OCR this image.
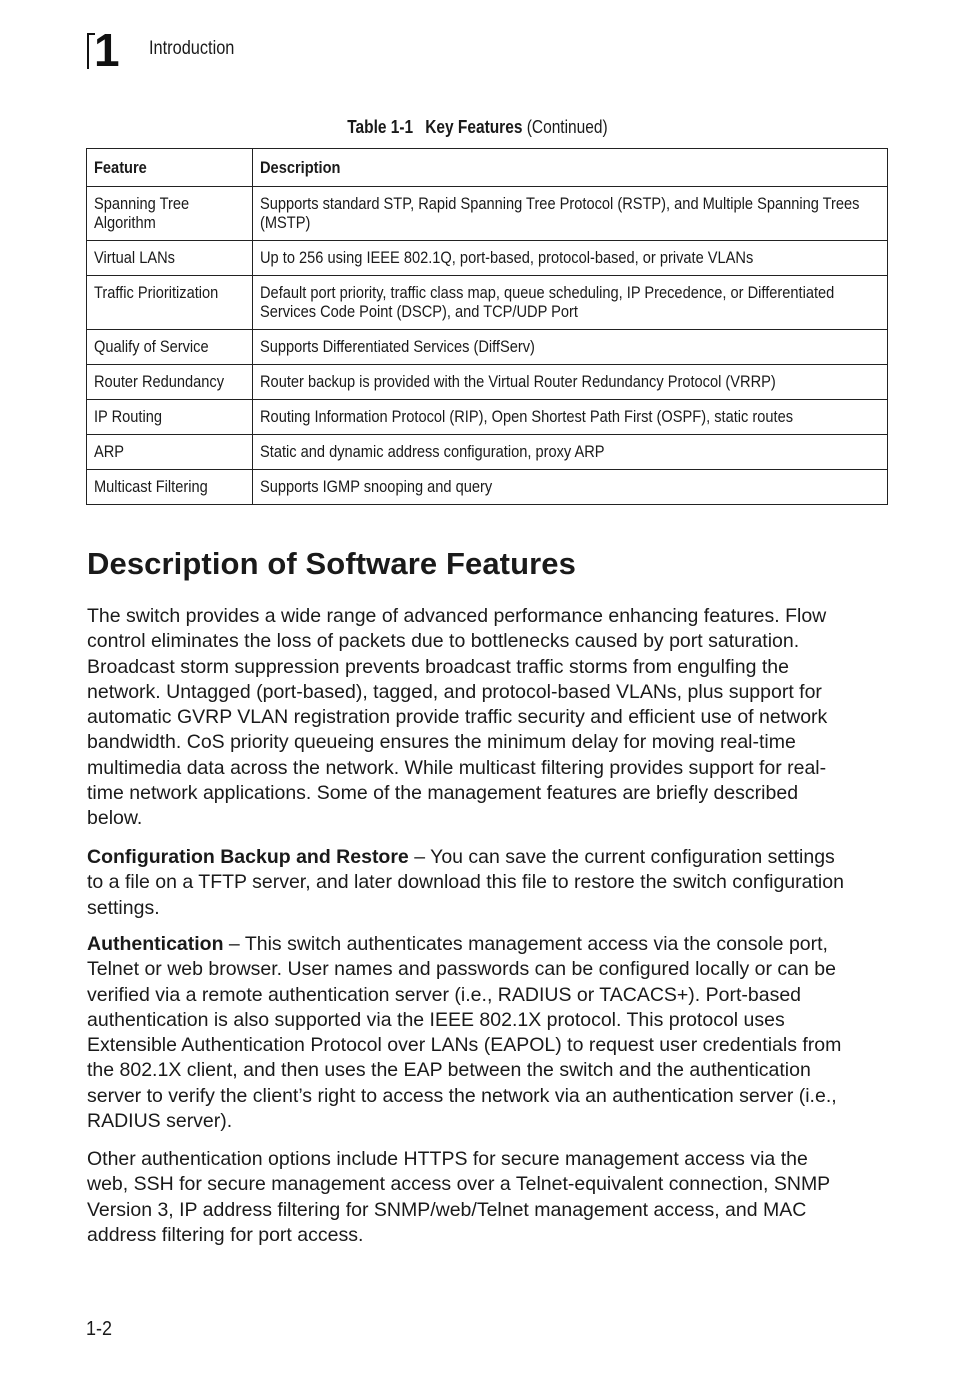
1 Introduction
Table 1-1 Key Features (Continued)
Feature	Description

Spanning Tree Algorithm	Supports standard STP, Rapid Spanning Tree Protocol (RSTP), and Multiple Spanning Trees (MSTP)

Virtual LANs	Up to 256 using IEEE 802.1Q, port-based, protocol-based, or private VLANs
Traffic Prioritization	Default port priority, traffic class map, queue scheduling, IP Precedence, or Differentiated Services Code Point (DSCP), and TCP/UDP Port

Qualify of Service	Supports Differentiated Services (DiffServ)
Router Redundancy	Router backup is provided with the Virtual Router Redundancy Protocol (VRRP)
IP Routing	Routing Information Protocol (RIP), Open Shortest Path First (OSPF), static routes
ARP	Static and dynamic address configuration, proxy ARP
Multicast Filtering	Supports IGMP snooping and query
Description of Software Features

The switch provides a wide range of advanced performance enhancing features. Flow control eliminates the loss of packets due to bottlenecks caused by port saturation. Broadcast storm suppression prevents broadcast traffic storms from engulfing the network. Untagged (port-based), tagged, and protocol-based VLANs, plus support for automatic GVRP VLAN registration provide traffic security and efficient use of network bandwidth. CoS priority queueing ensures the minimum delay for moving real-time multimedia data across the network. While multicast filtering provides support for real-time network applications. Some of the management features are briefly described below.

Configuration Backup and Restore – You can save the current configuration settings to a file on a TFTP server, and later download this file to restore the switch configuration settings.

Authentication – This switch authenticates management access via the console port, Telnet or web browser. User names and passwords can be configured locally or can be verified via a remote authentication server (i.e., RADIUS or TACACS+). Port-based authentication is also supported via the IEEE 802.1X protocol. This protocol uses Extensible Authentication Protocol over LANs (EAPOL) to request user credentials from the 802.1X client, and then uses the EAP between the switch and the authentication server to verify the client’s right to access the network via an authentication server (i.e., RADIUS server).

Other authentication options include HTTPS for secure management access via the web, SSH for secure management access over a Telnet-equivalent connection, SNMP Version 3, IP address filtering for SNMP/web/Telnet management access, and MAC address filtering for port access.

1-2
